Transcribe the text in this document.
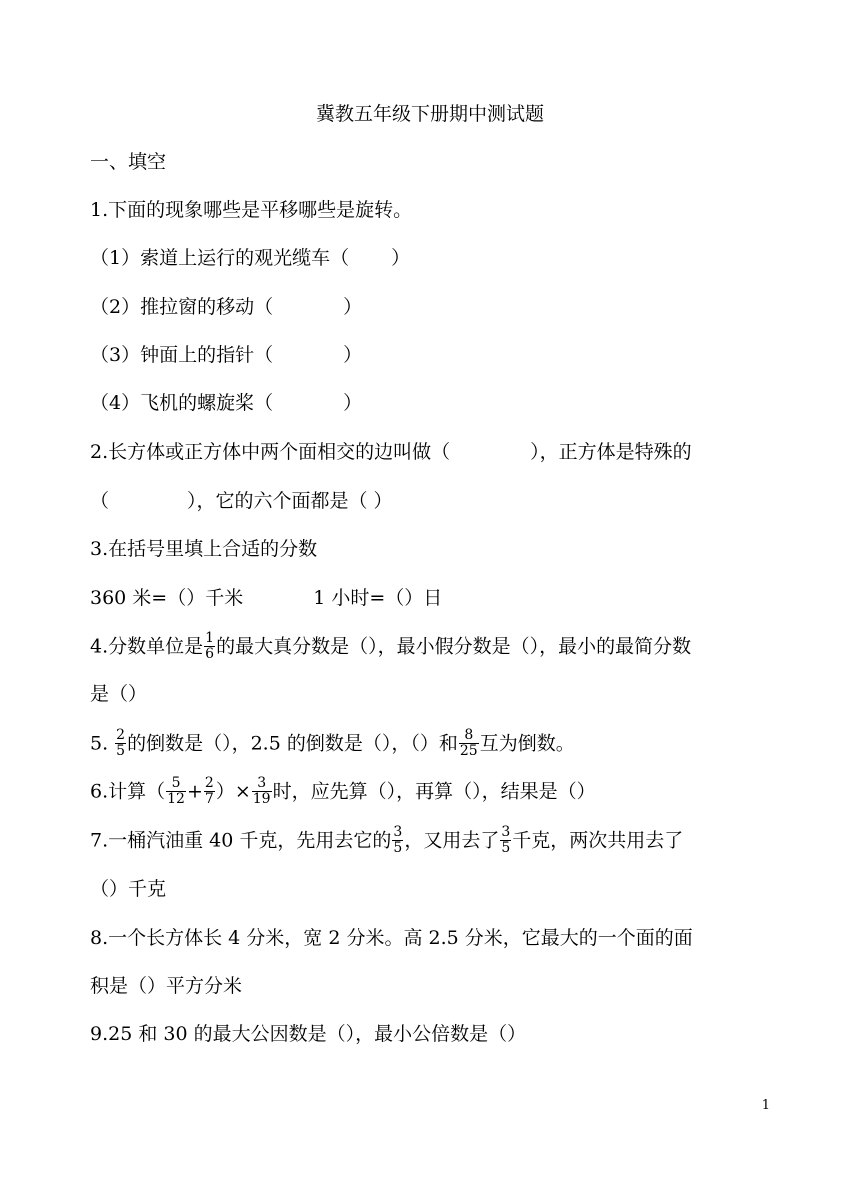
冀教五年级下册期中测试题
一、填空
1.下面的现象哪些是平移哪些是旋转。
（1）索道上运行的观光缆车（ ）
（2）推拉窗的移动（	）
（3）钟面上的指针（	）
（4）飞机的螺旋桨（	）
2.长方体或正方体中两个面相交的边叫做（	），正方体是特殊的
（	），它的六个面都是（ ）
3.在括号里填上合适的分数
360 米=（）千米	1 小时=（）日
4.分数单位是 $\frac{1}{6}$ 的最大真分数是（），最小假分数是（），最小的最简分数
是（）
5. $\frac{2}{5}$ 的倒数是（），2.5 的倒数是（），（）和 $\frac{8}{25}$ 互为倒数。
6.计算（ $\frac{5}{12} + \frac{2}{7}$ ）× $\frac{3}{19}$ 时，应先算（），再算（），结果是（）
7.一桶汽油重 40 千克，先用去它的 $\frac{3}{5}$ ，又用去了 $\frac{3}{5}$ 千克，两次共用去了
（）千克
8.一个长方体长 4 分米，宽 2 分米。高 2.5 分米，它最大的一个面的面
积是（）平方分米
9.25 和 30 的最大公因数是（），最小公倍数是（）
1
